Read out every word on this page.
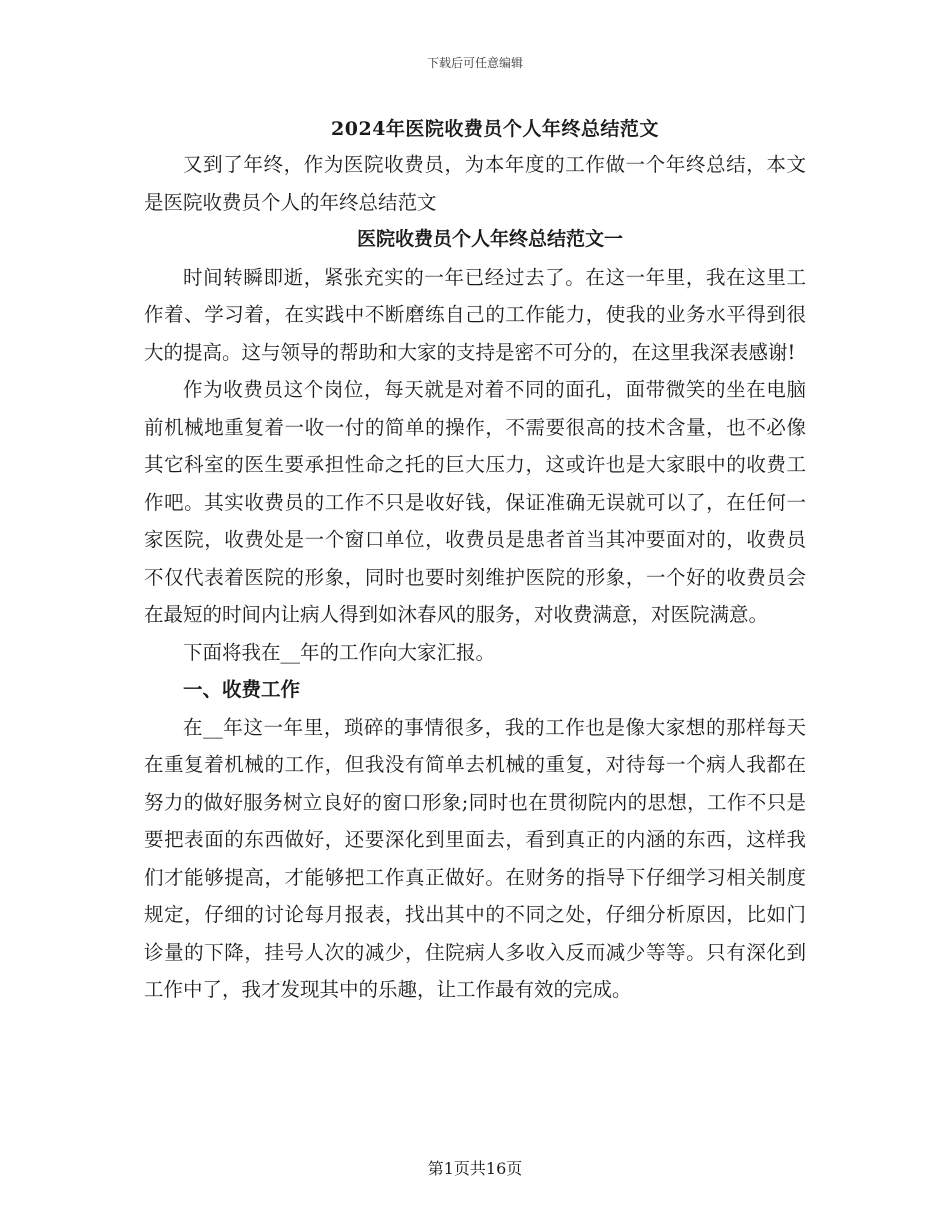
下载后可任意编辑
2024年医院收费员个人年终总结范文

又到了年终，作为医院收费员，为本年度的工作做一个年终总结，本文是医院收费员个人的年终总结范文

医院收费员个人年终总结范文一

时间转瞬即逝，紧张充实的一年已经过去了。在这一年里，我在这里工作着、学习着，在实践中不断磨练自己的工作能力，使我的业务水平得到很大的提高。这与领导的帮助和大家的支持是密不可分的，在这里我深表感谢!

作为收费员这个岗位，每天就是对着不同的面孔，面带微笑的坐在电脑前机械地重复着一收一付的简单的操作，不需要很高的技术含量，也不必像其它科室的医生要承担性命之托的巨大压力，这或许也是大家眼中的收费工作吧。其实收费员的工作不只是收好钱，保证准确无误就可以了，在任何一家医院，收费处是一个窗口单位，收费员是患者首当其冲要面对的，收费员不仅代表着医院的形象，同时也要时刻维护医院的形象，一个好的收费员会在最短的时间内让病人得到如沐春风的服务，对收费满意，对医院满意。

下面将我在__年的工作向大家汇报。

一、收费工作

在__年这一年里，琐碎的事情很多，我的工作也是像大家想的那样每天在重复着机械的工作，但我没有简单去机械的重复，对待每一个病人我都在努力的做好服务树立良好的窗口形象;同时也在贯彻院内的思想，工作不只是要把表面的东西做好，还要深化到里面去，看到真正的内涵的东西，这样我们才能够提高，才能够把工作真正做好。在财务的指导下仔细学习相关制度规定，仔细的讨论每月报表，找出其中的不同之处，仔细分析原因，比如门诊量的下降，挂号人次的减少，住院病人多收入反而减少等等。只有深化到工作中了，我才发现其中的乐趣，让工作最有效的完成。

第1页共16页
